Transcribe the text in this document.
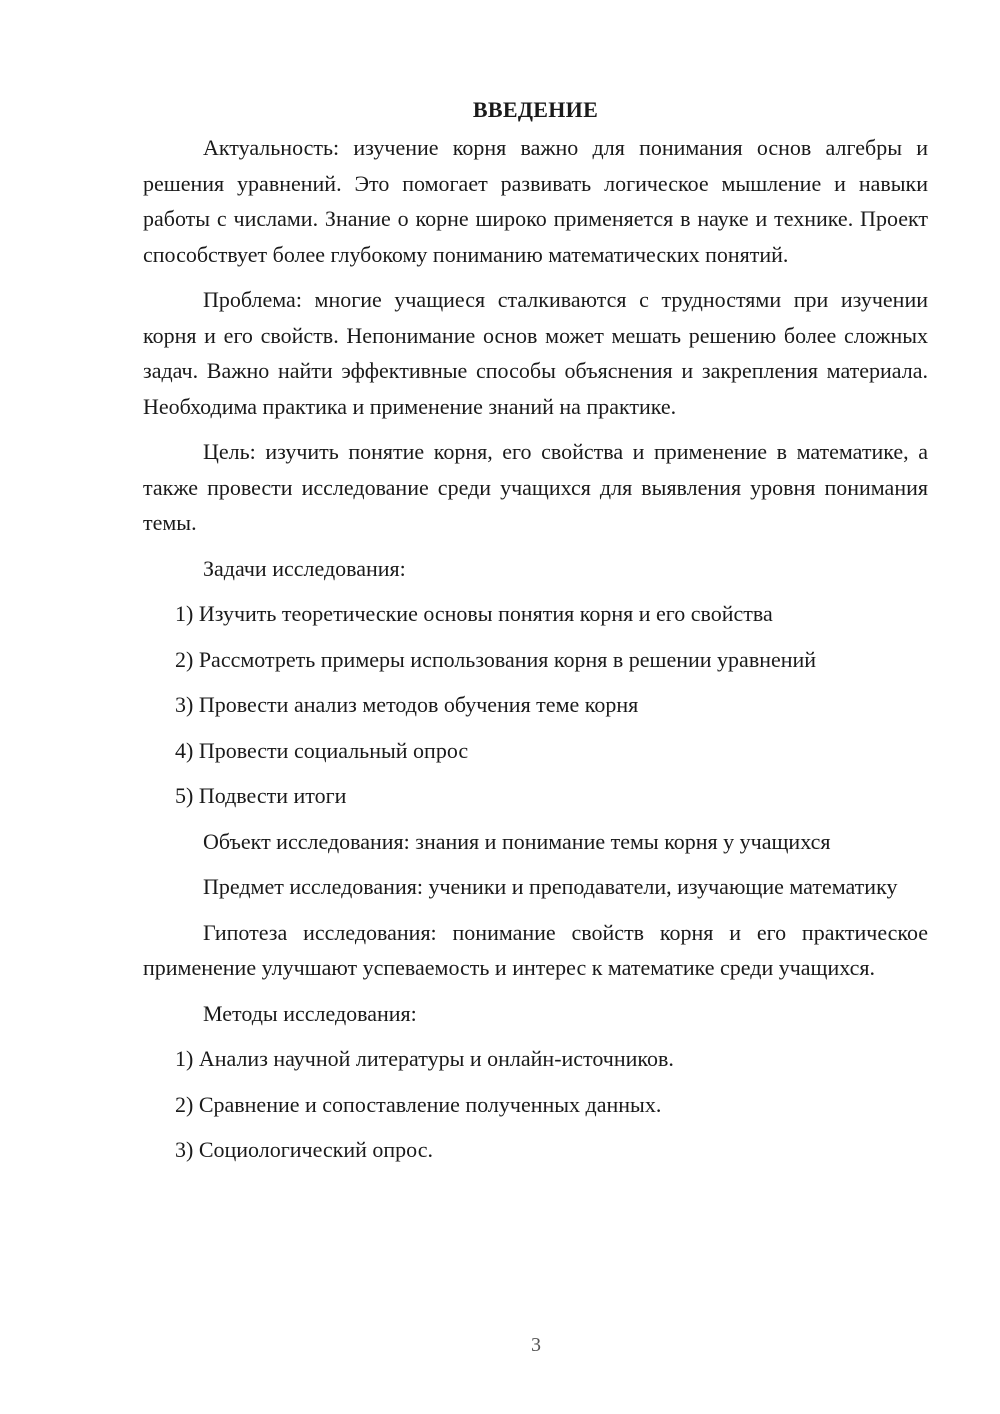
ВВЕДЕНИЕ

Актуальность: изучение корня важно для понимания основ алгебры и решения уравнений. Это помогает развивать логическое мышление и навыки работы с числами. Знание о корне широко применяется в науке и технике. Проект способствует более глубокому пониманию математических понятий.

Проблема: многие учащиеся сталкиваются с трудностями при изучении корня и его свойств. Непонимание основ может мешать решению более сложных задач. Важно найти эффективные способы объяснения и закрепления материала. Необходима практика и применение знаний на практике.

Цель: изучить понятие корня, его свойства и применение в математике, а также провести исследование среди учащихся для выявления уровня понимания темы.

Задачи исследования:

1) Изучить теоретические основы понятия корня и его свойства
2) Рассмотреть примеры использования корня в решении уравнений
3) Провести анализ методов обучения теме корня
4) Провести социальный опрос
5) Подвести итоги

Объект исследования: знания и понимание темы корня у учащихся

Предмет исследования: ученики и преподаватели, изучающие математику

Гипотеза исследования: понимание свойств корня и его практическое применение улучшают успеваемость и интерес к математике среди учащихся.

Методы исследования:

1) Анализ научной литературы и онлайн-источников.
2) Сравнение и сопоставление полученных данных.
3) Социологический опрос.
3
